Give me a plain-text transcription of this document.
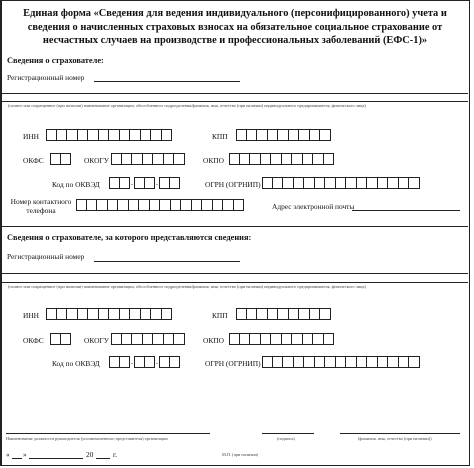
Единая форма «Сведения для ведения индивидуального (персонифицированного) учета и сведения о начисленных страховых взносах на обязательное социальное страхование от несчастных случаев на производстве и профессиональных заболеваний (ЕФС-1)»
Сведения о страхователе:
Регистрационный номер
(полное или сокращенное (при наличии) наименование организации, обособленного подразделения/фамилия, имя, отчество (при наличии) индивидуального предпринимателя, физического лица)
ИНН	КПП
ОКФС	ОКОГУ	ОКПО
Код по ОКВЭД	.	.	ОГРН (ОГРНИП)
Номер контактного телефона	Адрес электронной почты
Сведения о страхователе, за которого представляются сведения:
Регистрационный номер
(полное или сокращенное (при наличии) наименование организации, обособленного подразделения/фамилия, имя, отчество (при наличии) индивидуального предпринимателя, физического лица)
ИНН	КПП
ОКФС	ОКОГУ	ОКПО
Код по ОКВЭД	.	.	ОГРН (ОГРНИП)
Наименование должности руководителя (уполномоченного представителя) организации	(подпись)	(фамилия, имя, отчество (при наличии))
« »	20	г.	М.П. (при наличии)
